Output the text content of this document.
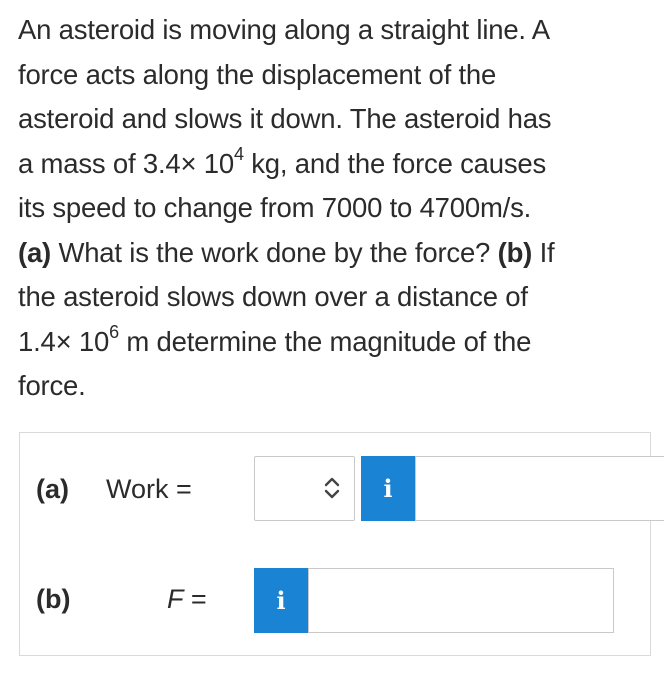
An asteroid is moving along a straight line. A
force acts along the displacement of the
asteroid and slows it down. The asteroid has
a mass of $3.4\times 10^4$ kg, and the force causes
its speed to change from 7000 to 4700m/s.
(a) What is the work done by the force? (b) If
the asteroid slows down over a distance of
$1.4\times 10^6$ m determine the magnitude of the
force.
(a) Work =	i
(b)	F =	i
